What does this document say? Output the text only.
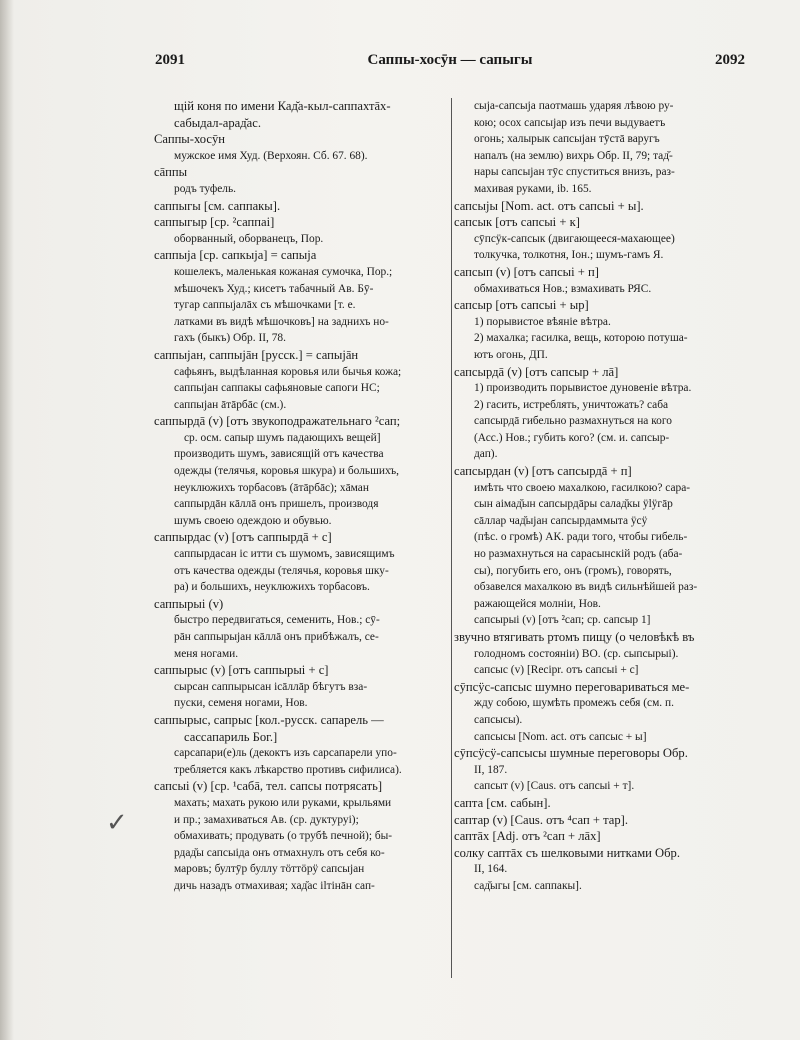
2091	Саппы-хосӯн — сапыгы	2092
щій коня по имени Кад̆а-кыл-саппахтāх-
сабыдал-арад̆ас.
Саппы-хосӯн
мужское имя Худ. (Верхоян. Сб. 67. 68).
сāппы
родъ туфель.
саппыгы [см. саппакы].
саппыгыр [ср. ²саппаі]
оборванный, оборванецъ, Пор.
саппыја [ср. сапкыја] = сапыја
кошелекъ, маленькая кожаная сумочка, Пор.;
мѣшочекъ Худ.; кисетъ табачный Ав. Бӯ-
тугар саппыјалāх съ мѣшочками [т. е.
латками въ видѣ мѣшочковъ] на заднихъ но-
гахъ (быкъ) Обр. II, 78.
саппыјан, саппыјāн [русск.] = сапыјāн
сафьянъ, выдѣланная коровья или бычья кожа;
саппыјан саппакы сафьяновые сапоги НС;
саппыјан āтāрбāс (см.).
саппырдā (v) [отъ звукоподражательнаго ²сап;
ср. осм. сапыр шумъ падающихъ вещей]
производить шумъ, зависящій отъ качества
одежды (телячья, коровья шкура) и большихъ,
неуклюжихъ торбасовъ (āтāрбāс); хāман
саппырдāн кāллā онъ пришелъ, производя
шумъ своею одеждою и обувью.
саппырдас (v) [отъ саппырдā + с]
саппырдасан іс итти съ шумомъ, зависящимъ
отъ качества одежды (телячья, коровья шку-
ра) и большихъ, неуклюжихъ торбасовъ.
саппырыі (v)
быстро передвигаться, семенить, Нов.; сӯ-
рāн саппырыјан кāллā онъ прибѣжалъ, се-
меня ногами.
саппырыс (v) [отъ саппырыі + с]
сырсан саппырысан ісāллāр бѣгутъ вза-
пуски, семеня ногами, Нов.
саппырыс, сапрыс [кол.-русск. сапарель —
сассапариль Бог.]
сарсапари(е)ль (декоктъ изъ сарсапарели упо-
требляется какъ лѣкарство противъ сифилиса).
сапсыі (v) [ср. ¹сабā, тел. сапсы потрясать]
махать; махать рукою или руками, крыльями
и пр.; замахиваться Ав. (ср. дуктуруі);
обмахивать; продувать (о трубѣ печной); бы-
рдад̆ы сапсыіда онъ отмахнулъ отъ себя ко-
маровъ; бултӯр буллу тӧттӧрӱ сапсыјан
дичь назадъ отмахивая; хад̆ас іlтінāн сап-
сыја-сапсыја паотмашь ударяя лѣвою ру-
кою; осох сапсыјар изъ печи выдуваетъ
огонь; халырык сапсыјан тӯстā варугъ
напалъ (на землю) вихрь Обр. II, 79; тад̆-
нары сапсыјан тӯс спуститься внизъ, раз-
махивая руками, ib. 165.
сапсыјы [Nom. act. отъ сапсыі + ы].
сапсык [отъ сапсыі + к]
сӯпсӱк-сапсык (двигающееся-махающее)
толкучка, толкотня, Іон.; шумъ-гамъ Я.
сапсып (v) [отъ сапсыі + п]
обмахиваться Нов.; взмахивать РЯС.
сапсыр [отъ сапсыі + ыр]
1) порывистое вѣяніе вѣтра.
2) махалка; гасилка, вещь, которою потуша-
ютъ огонь, ДП.
сапсырдā (v) [отъ сапсыр + лā]
1) производить порывистое дуновеніе вѣтра.
2) гасить, истреблять, уничтожать? саба
сапсырдā гибельно размахнуться на кого
(Асс.) Нов.; губить кого? (см. и. сапсыр-
дап).
сапсырдан (v) [отъ сапсырдā + п]
имѣть что своею махалкою, гасилкою? сара-
сын аімад̆ын сапсырдāры салад̆кы ӱlӱгāр
сāллар чад̆ыјан сапсырдаммыта ӱсӱ
(пѣс. о громѣ) АК. ради того, чтобы гибель-
но размахнуться на сарасынскій родъ (аба-
сы), погубить его, онъ (громъ), говорять,
обзавелся махалкою въ видѣ сильнѣйшей раз-
ражающейся молніи, Нов.
сапсырыі (v) [отъ ²сап; ср. сапсыр 1]
звучно втягивать ртомъ пищу (о человѣкѣ въ
голодномъ состояніи) ВО. (ср. сыпсырыі).
сапсыс (v) [Recipr. отъ сапсыі + с]
сӯпсӱс-сапсыс шумно переговариваться ме-
жду собою, шумѣть промежъ себя (см. п.
сапсысы).
сапсысы [Nom. act. отъ сапсыс + ы]
сӯпсӱсӱ-сапсысы шумные переговоры Обр.
II, 187.
сапсыт (v) [Caus. отъ сапсыі + т].
сапта [см. сабын].
саптар (v) [Caus. отъ ⁴сап + тар].
саптāх [Adj. отъ ²сап + лāх]
солку саптāх съ шелковыми нитками Обр.
II, 164.
сад̆ыгы [см. саппакы].
✓
